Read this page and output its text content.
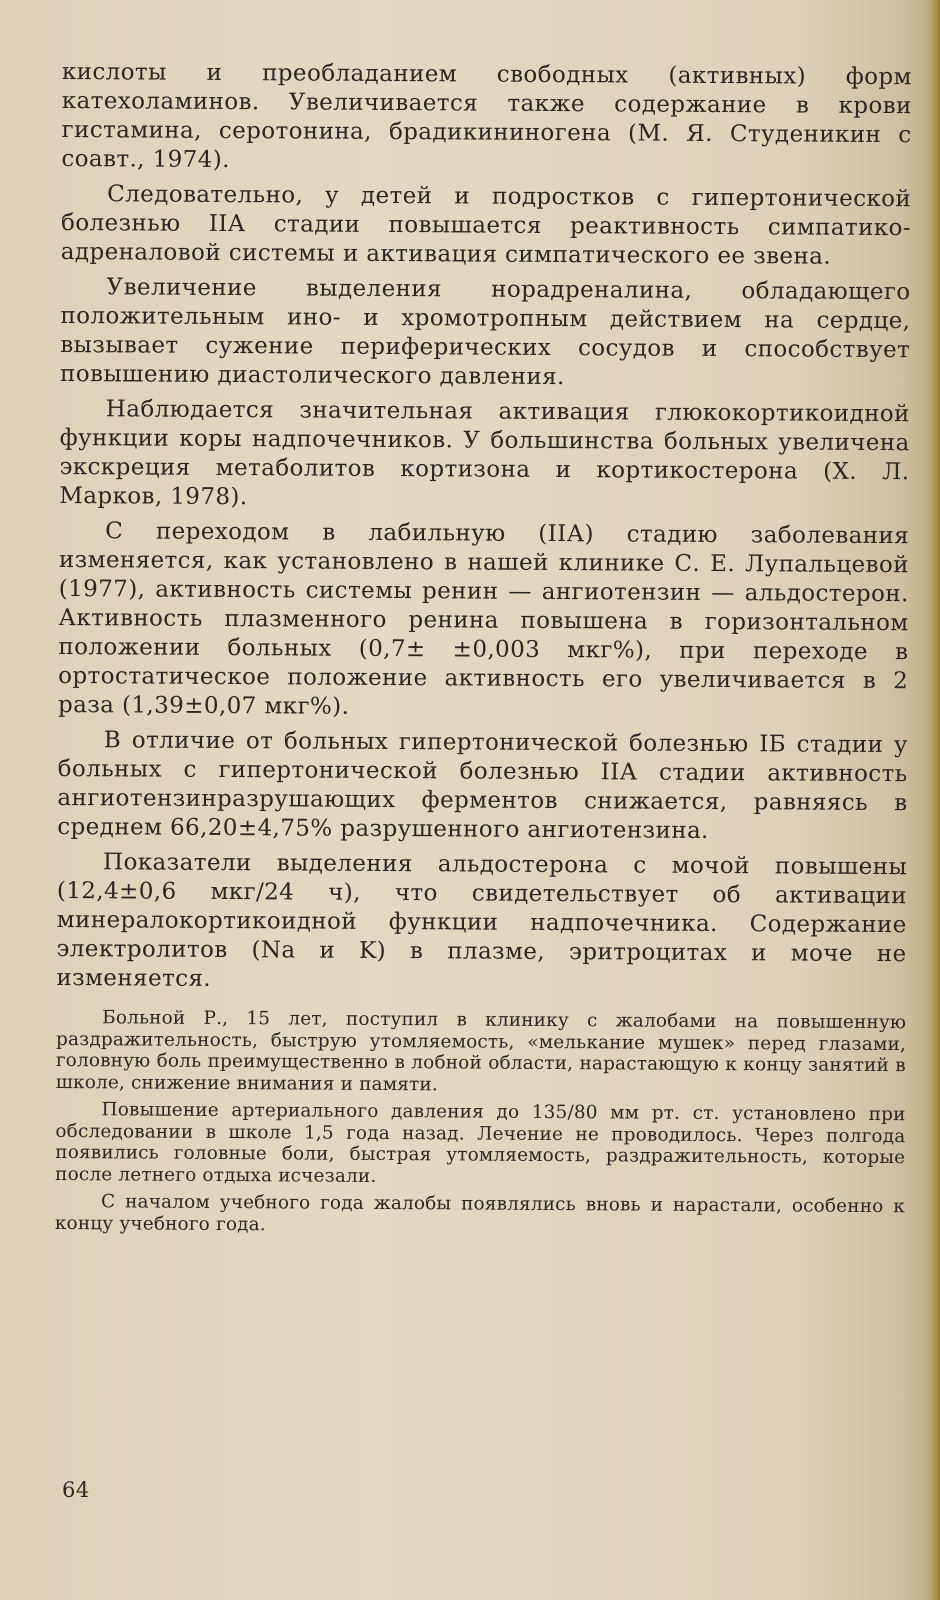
кислоты и преобладанием свободных (активных) форм катехоламинов. Увеличивается также содержание в крови гистамина, серотонина, брадикининогена (М. Я. Студеникин с соавт., 1974).

Следовательно, у детей и подростков с гипертонической болезнью IIА стадии повышается реактивность симпатико-адреналовой системы и активация симпатического ее звена.

Увеличение выделения норадреналина, обладающего положительным ино- и хромотропным действием на сердце, вызывает сужение периферических сосудов и способствует повышению диастолического давления.

Наблюдается значительная активация глюкокортикоидной функции коры надпочечников. У большинства больных увеличена экскреция метаболитов кортизона и кортикостерона (Х. Л. Марков, 1978).

С переходом в лабильную (IIА) стадию заболевания изменяется, как установлено в нашей клинике С. Е. Лупальцевой (1977), активность системы ренин — ангиотензин — альдостерон. Активность плазменного ренина повышена в горизонтальном положении больных (0,7± ±0,003 мкг%), при переходе в ортостатическое положение активность его увеличивается в 2 раза (1,39±0,07 мкг%).

В отличие от больных гипертонической болезнью IБ стадии у больных с гипертонической болезнью IIА стадии активность ангиотензинразрушающих ферментов снижается, равняясь в среднем 66,20±4,75% разрушенного ангиотензина.

Показатели выделения альдостерона с мочой повышены (12,4±0,6 мкг/24 ч), что свидетельствует об активации минералокортикоидной функции надпочечника. Содержание электролитов (Na и K) в плазме, эритроцитах и моче не изменяется.

Больной Р., 15 лет, поступил в клинику с жалобами на повышенную раздражительность, быструю утомляемость, «мелькание мушек» перед глазами, головную боль преимущественно в лобной области, нарастающую к концу занятий в школе, снижение внимания и памяти.

Повышение артериального давления до 135/80 мм рт. ст. установлено при обследовании в школе 1,5 года назад. Лечение не проводилось. Через полгода появились головные боли, быстрая утомляемость, раздражительность, которые после летнего отдыха исчезали.

С началом учебного года жалобы появлялись вновь и нарастали, особенно к концу учебного года.

64
